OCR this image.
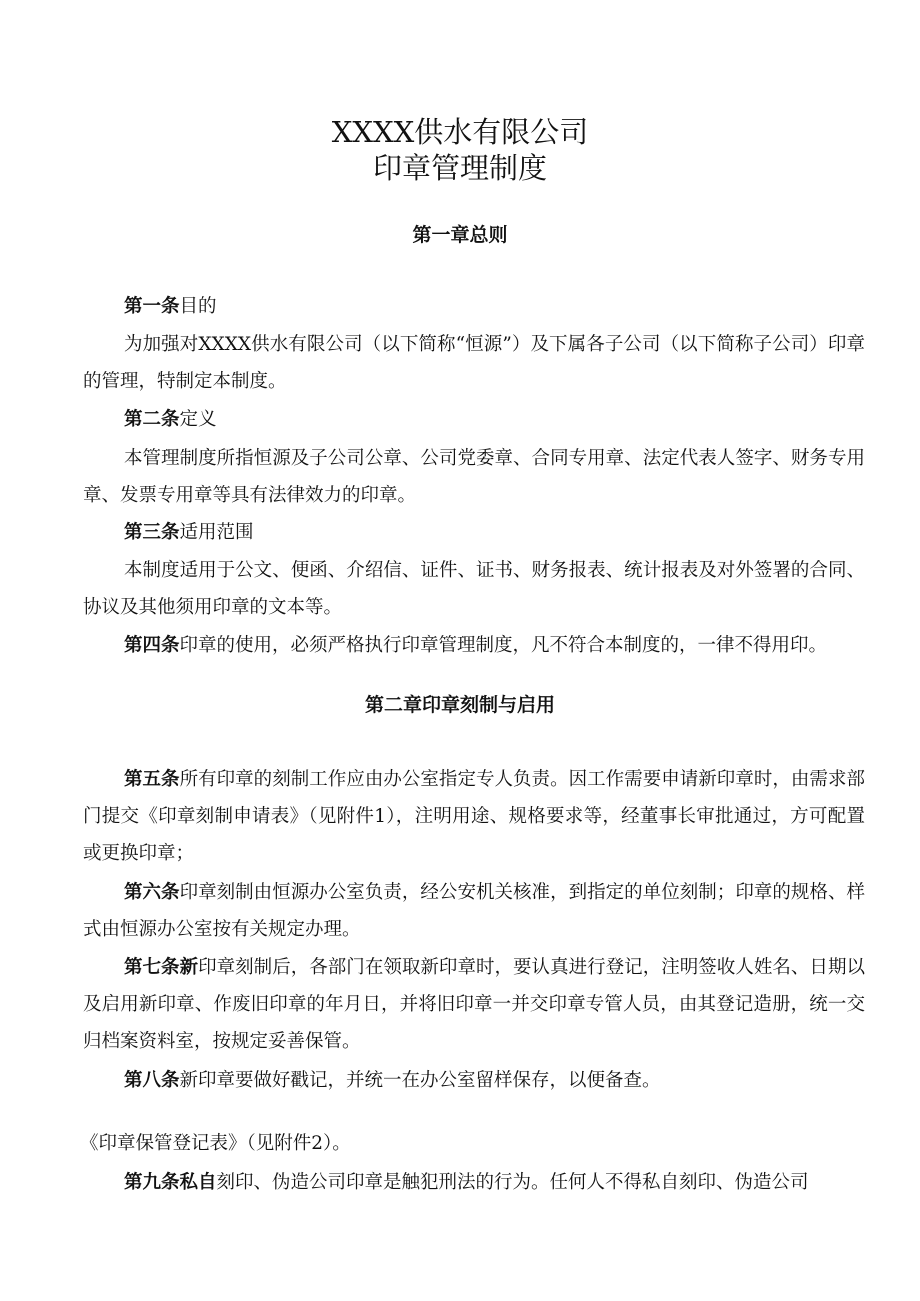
XXXX供水有限公司
印章管理制度
第一章总则
第一条目的
为加强对XXXX供水有限公司（以下简称“恒源”）及下属各子公司（以下简称子公司）印章的管理，特制定本制度。
第二条定义
本管理制度所指恒源及子公司公章、公司党委章、合同专用章、法定代表人签字、财务专用章、发票专用章等具有法律效力的印章。
第三条适用范围
本制度适用于公文、便函、介绍信、证件、证书、财务报表、统计报表及对外签署的合同、协议及其他须用印章的文本等。
第四条印章的使用，必须严格执行印章管理制度，凡不符合本制度的，一律不得用印。
第二章印章刻制与启用
第五条所有印章的刻制工作应由办公室指定专人负责。因工作需要申请新印章时，由需求部门提交《印章刻制申请表》（见附件1），注明用途、规格要求等，经董事长审批通过，方可配置或更换印章；
第六条印章刻制由恒源办公室负责，经公安机关核准，到指定的单位刻制；印章的规格、样式由恒源办公室按有关规定办理。
第七条新印章刻制后，各部门在领取新印章时，要认真进行登记，注明签收人姓名、日期以及启用新印章、作废旧印章的年月日，并将旧印章一并交印章专管人员，由其登记造册，统一交归档案资料室，按规定妥善保管。
第八条新印章要做好戳记，并统一在办公室留样保存，以便备查。
《印章保管登记表》（见附件2）。
第九条私自刻印、伪造公司印章是触犯刑法的行为。任何人不得私自刻印、伪造公司
